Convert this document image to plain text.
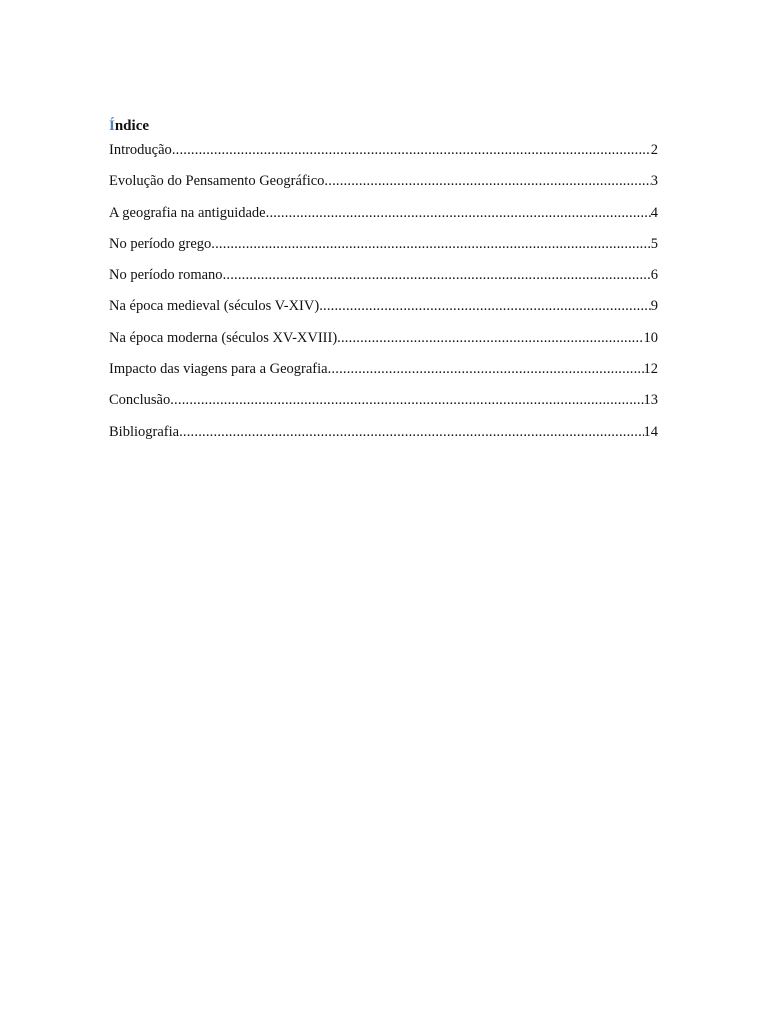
Índice
Introdução .....	2
Evolução do Pensamento Geográfico .....	3
A geografia na antiguidade .....	4
No período grego .....	5
No período romano .....	6
Na época medieval (séculos V-XIV) .....	9
Na época moderna (séculos XV-XVIII) .....	10
Impacto das viagens para a Geografia .....	12
Conclusão .....	13
Bibliografia .....	14
